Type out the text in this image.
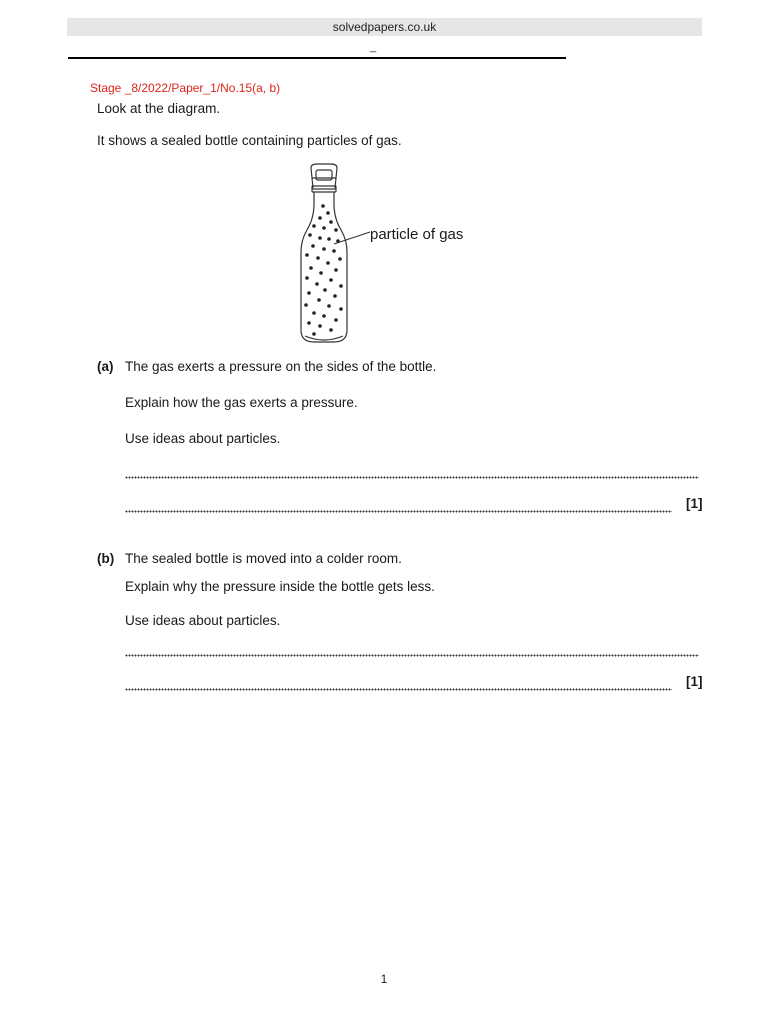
solvedpapers.co.uk
_
Stage _8/2022/Paper_1/No.15(a, b)
Look at the diagram.
It shows a sealed bottle containing particles of gas.
particle of gas
(a) The gas exerts a pressure on the sides of the bottle.
Explain how the gas exerts a pressure.
Use ideas about particles.
[1]
(b) The sealed bottle is moved into a colder room.
Explain why the pressure inside the bottle gets less.
Use ideas about particles.
[1]
1
